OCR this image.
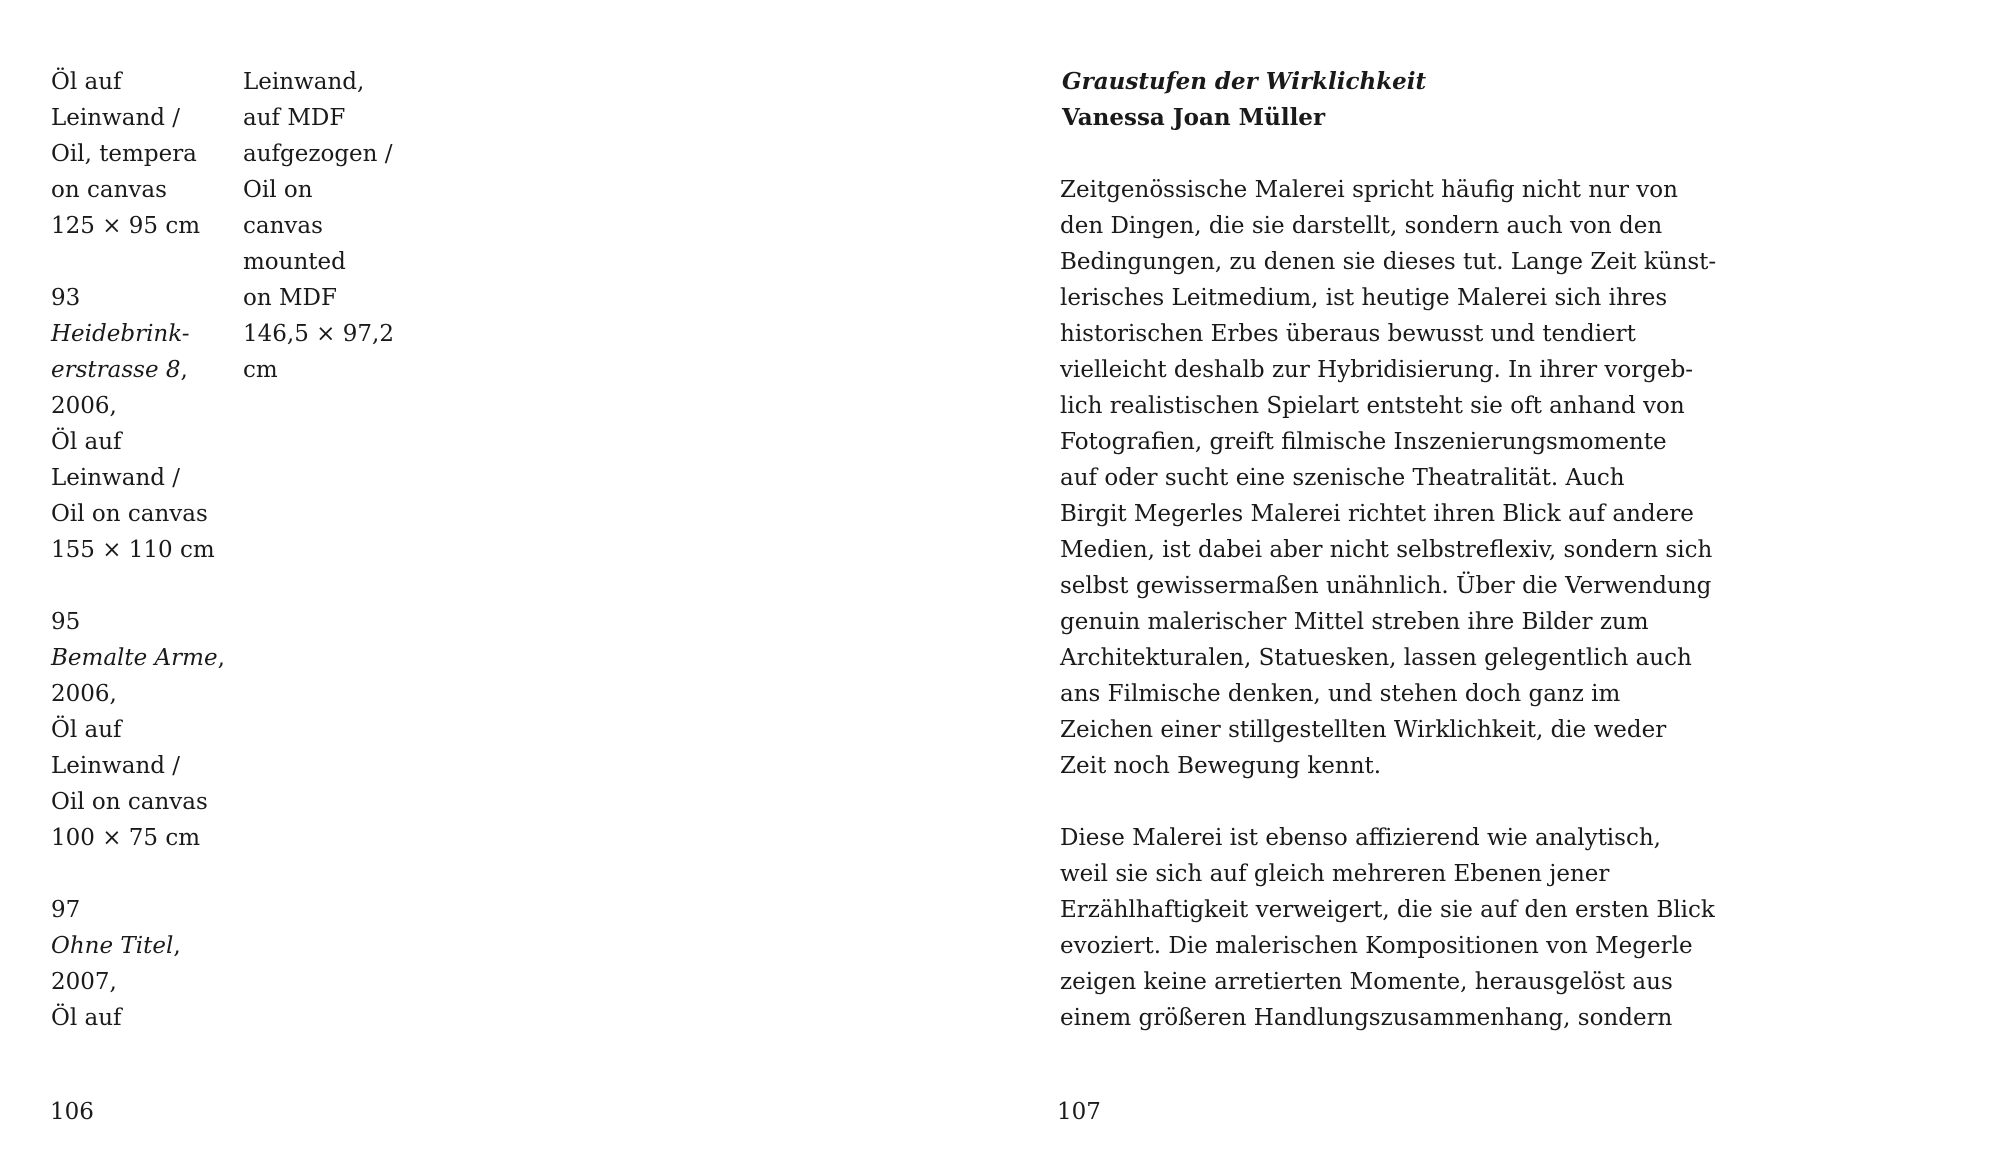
Öl auf
Leinwand /
Oil, tempera
on canvas
125 × 95 cm
93
Heidebrink-
erstrasse 8,
2006,
Öl auf
Leinwand /
Oil on canvas
155 × 110 cm
95
Bemalte Arme,
2006,
Öl auf
Leinwand /
Oil on canvas
100 × 75 cm
97
Ohne Titel,
2007,
Öl auf
Leinwand,
auf MDF
aufgezogen /
Oil on
canvas
mounted
on MDF
146,5 × 97,2
cm
106
Graustufen der Wirklichkeit
Vanessa Joan Müller
Zeitgenössische Malerei spricht häufig nicht nur von
den Dingen, die sie darstellt, sondern auch von den
Bedingungen, zu denen sie dieses tut. Lange Zeit künst-
lerisches Leitmedium, ist heutige Malerei sich ihres
historischen Erbes überaus bewusst und tendiert
vielleicht deshalb zur Hybridisierung. In ihrer vorgeb-
lich realistischen Spielart entsteht sie oft anhand von
Fotografien, greift filmische Inszenierungsmomente
auf oder sucht eine szenische Theatralität. Auch
Birgit Megerles Malerei richtet ihren Blick auf andere
Medien, ist dabei aber nicht selbstreflexiv, sondern sich
selbst gewissermaßen unähnlich. Über die Verwendung
genuin malerischer Mittel streben ihre Bilder zum
Architekturalen, Statuesken, lassen gelegentlich auch
ans Filmische denken, und stehen doch ganz im
Zeichen einer stillgestellten Wirklichkeit, die weder
Zeit noch Bewegung kennt.
Diese Malerei ist ebenso affizierend wie analytisch,
weil sie sich auf gleich mehreren Ebenen jener
Erzählhaftigkeit verweigert, die sie auf den ersten Blick
evoziert. Die malerischen Kompositionen von Megerle
zeigen keine arretierten Momente, herausgelöst aus
einem größeren Handlungszusammenhang, sondern
107
